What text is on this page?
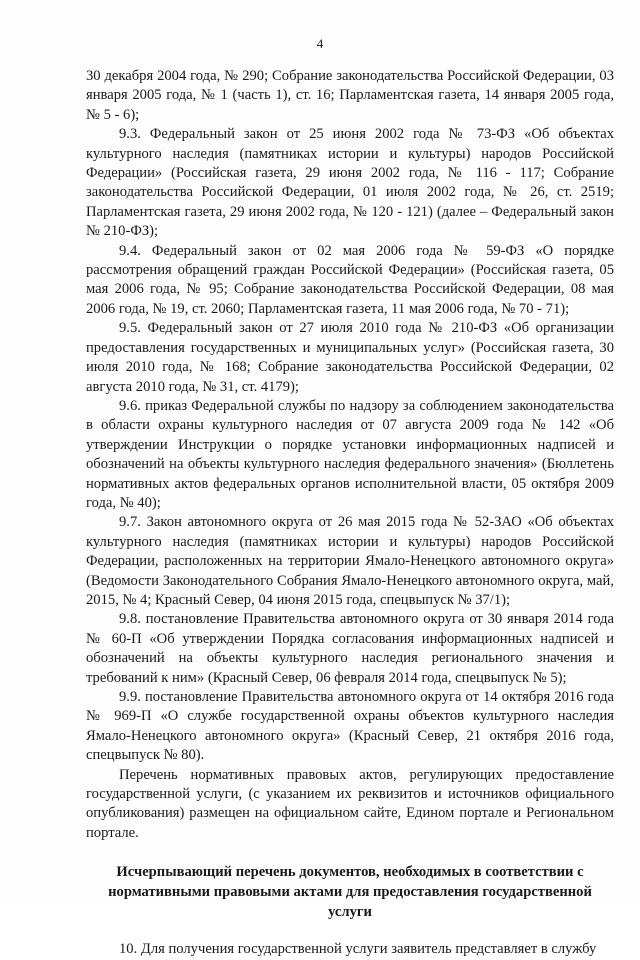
4

30 декабря 2004 года, № 290; Собрание законодательства Российской Федерации, 03 января 2005 года, № 1 (часть 1), ст. 16; Парламентская газета, 14 января 2005 года, № 5 - 6);

9.3. Федеральный закон от 25 июня 2002 года № 73-ФЗ «Об объектах культурного наследия (памятниках истории и культуры) народов Российской Федерации» (Российская газета, 29 июня 2002 года, № 116 - 117; Собрание законодательства Российской Федерации, 01 июля 2002 года, № 26, ст. 2519; Парламентская газета, 29 июня 2002 года, № 120 - 121) (далее – Федеральный закон № 210-ФЗ);

9.4. Федеральный закон от 02 мая 2006 года № 59-ФЗ «О порядке рассмотрения обращений граждан Российской Федерации» (Российская газета, 05 мая 2006 года, № 95; Собрание законодательства Российской Федерации, 08 мая 2006 года, № 19, ст. 2060; Парламентская газета, 11 мая 2006 года, № 70 - 71);

9.5. Федеральный закон от 27 июля 2010 года № 210-ФЗ «Об организации предоставления государственных и муниципальных услуг» (Российская газета, 30 июля 2010 года, № 168; Собрание законодательства Российской Федерации, 02 августа 2010 года, № 31, ст. 4179);

9.6. приказ Федеральной службы по надзору за соблюдением законодательства в области охраны культурного наследия от 07 августа 2009 года № 142 «Об утверждении Инструкции о порядке установки информационных надписей и обозначений на объекты культурного наследия федерального значения» (Бюллетень нормативных актов федеральных органов исполнительной власти, 05 октября 2009 года, № 40);

9.7. Закон автономного округа от 26 мая 2015 года № 52-ЗАО «Об объектах культурного наследия (памятниках истории и культуры) народов Российской Федерации, расположенных на территории Ямало-Ненецкого автономного округа» (Ведомости Законодательного Собрания Ямало-Ненецкого автономного округа, май, 2015, № 4; Красный Север, 04 июня 2015 года, спецвыпуск № 37/1);

9.8. постановление Правительства автономного округа от 30 января 2014 года № 60-П «Об утверждении Порядка согласования информационных надписей и обозначений на объекты культурного наследия регионального значения и требований к ним» (Красный Север, 06 февраля 2014 года, спецвыпуск № 5);

9.9. постановление Правительства автономного округа от 14 октября 2016 года № 969-П «О службе государственной охраны объектов культурного наследия Ямало-Ненецкого автономного округа» (Красный Север, 21 октября 2016 года, спецвыпуск № 80).

Перечень нормативных правовых актов, регулирующих предоставление государственной услуги, (с указанием их реквизитов и источников официального опубликования) размещен на официальном сайте, Едином портале и Региональном портале.

Исчерпывающий перечень документов, необходимых в соответствии с нормативными правовыми актами для предоставления государственной услуги

10. Для получения государственной услуги заявитель представляет в службу
